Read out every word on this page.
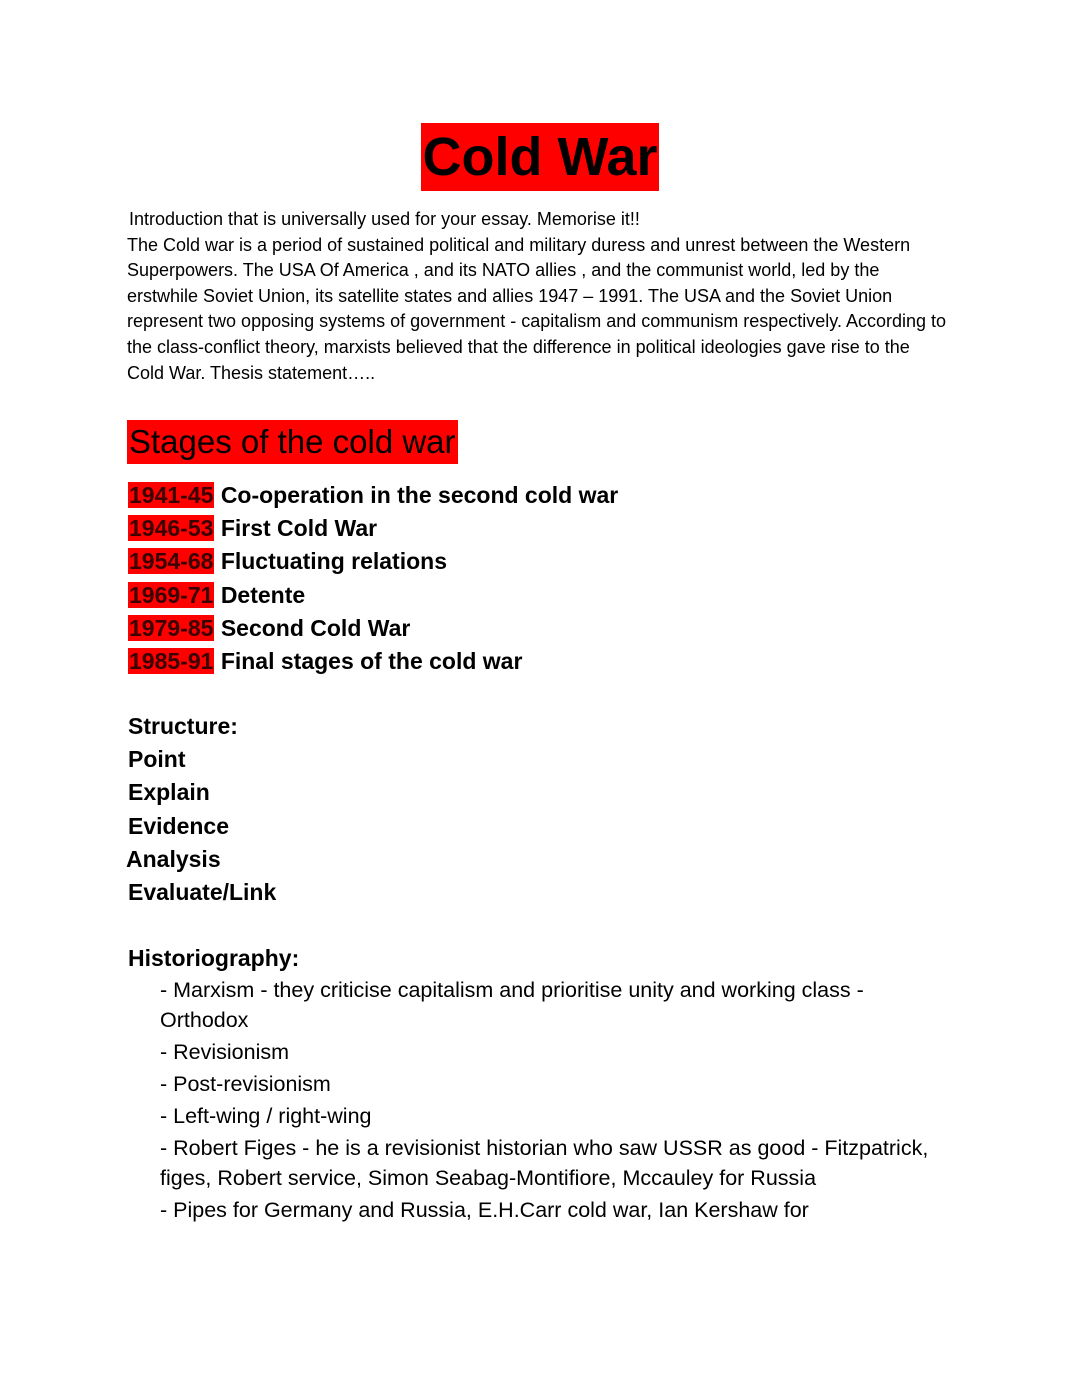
Cold War

Introduction that is universally used for your essay. Memorise it!!

The Cold war is a period of sustained political and military duress and unrest between the Western Superpowers. The USA Of America , and its NATO allies , and the communist world, led by the erstwhile Soviet Union, its satellite states and allies 1947 – 1991. The USA and the Soviet Union represent two opposing systems of government - capitalism and communism respectively. According to the class-conflict theory, marxists believed that the difference in political ideologies gave rise to the Cold War. Thesis statement…..

Stages of the cold war
1941-45 Co-operation in the second cold war
1946-53 First Cold War
1954-68 Fluctuating relations
1969-71 Detente
1979-85 Second Cold War
1985-91 Final stages of the cold war
Structure:
Point
Explain
Evidence
Analysis
Evaluate/Link
Historiography:
- Marxism - they criticise capitalism and prioritise unity and working class - Orthodox
- Revisionism
- Post-revisionism
- Left-wing / right-wing
- Robert Figes - he is a revisionist historian who saw USSR as good - Fitzpatrick, figes, Robert service, Simon Seabag-Montifiore, Mccauley for Russia
- Pipes for Germany and Russia, E.H.Carr cold war, Ian Kershaw for
